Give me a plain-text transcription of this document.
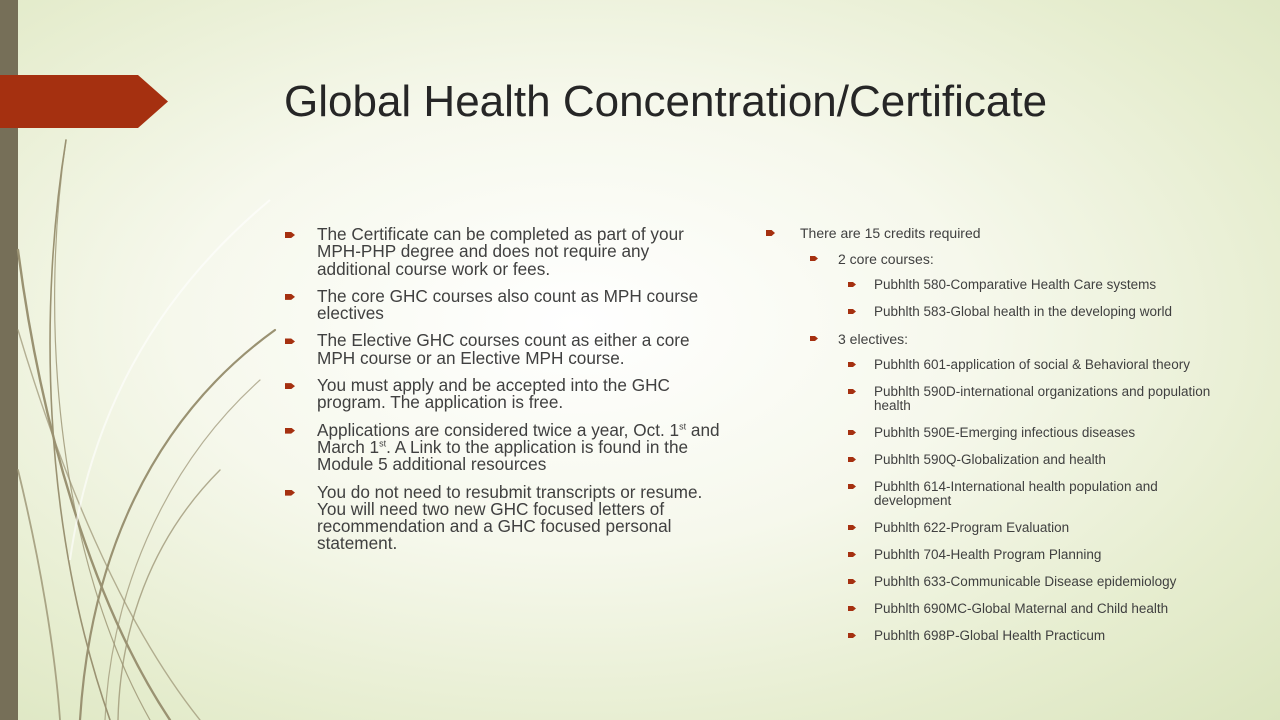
Global Health Concentration/Certificate
The Certificate can be completed as part of your MPH-PHP degree and does not require any additional course work or fees.
The core GHC courses also count as MPH course electives
The Elective GHC courses count as either a core MPH course or an Elective MPH course.
You must apply and be accepted into the GHC program. The application is free.
Applications are considered twice a year, Oct. 1st and March 1st. A Link to the application is found in the Module 5 additional resources
You do not need to resubmit transcripts or resume. You will need two new GHC focused letters of recommendation and a GHC focused personal statement.
There are 15 credits required
2 core courses:
Pubhlth 580-Comparative Health Care systems
Pubhlth 583-Global health in the developing world
3 electives:
Pubhlth 601-application of social & Behavioral theory
Pubhlth 590D-international organizations and population health
Pubhlth 590E-Emerging infectious diseases
Pubhlth 590Q-Globalization and health
Pubhlth 614-International health population and development
Pubhlth 622-Program Evaluation
Pubhlth 704-Health Program Planning
Pubhlth 633-Communicable Disease epidemiology
Pubhlth 690MC-Global Maternal and Child health
Pubhlth 698P-Global Health Practicum
